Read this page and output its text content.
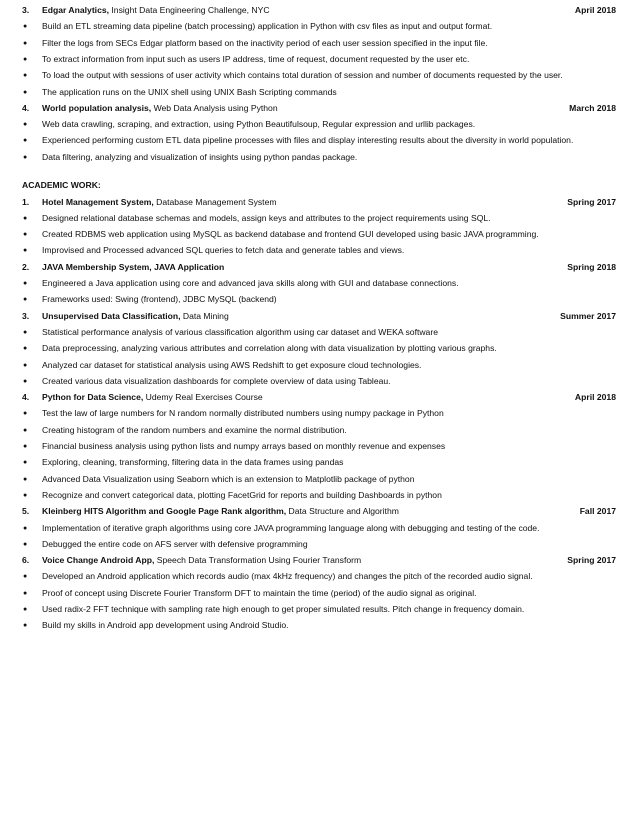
3. Edgar Analytics, Insight Data Engineering Challenge, NYC	April 2018
● Build an ETL streaming data pipeline (batch processing) application in Python with csv files as input and output format.
● Filter the logs from SECs Edgar platform based on the inactivity period of each user session specified in the input file.
● To extract information from input such as users IP address, time of request, document requested by the user etc.
● To load the output with sessions of user activity which contains total duration of session and number of documents requested by the user.
● The application runs on the UNIX shell using UNIX Bash Scripting commands
4. World population analysis, Web Data Analysis using Python	March 2018
● Web data crawling, scraping, and extraction, using Python Beautifulsoup, Regular expression and urllib packages.
● Experienced performing custom ETL data pipeline processes with files and display interesting results about the diversity in world population.
● Data filtering, analyzing and visualization of insights using python pandas package.
ACADEMIC WORK:
1. Hotel Management System, Database Management System	Spring 2017
● Designed relational database schemas and models, assign keys and attributes to the project requirements using SQL.
● Created RDBMS web application using MySQL as backend database and frontend GUI developed using basic JAVA programming.
● Improvised and Processed advanced SQL queries to fetch data and generate tables and views.
2. JAVA Membership System, JAVA Application	Spring 2018
● Engineered a Java application using core and advanced java skills along with GUI and database connections.
● Frameworks used: Swing (frontend), JDBC MySQL (backend)
3. Unsupervised Data Classification, Data Mining	Summer 2017
● Statistical performance analysis of various classification algorithm using car dataset and WEKA software
● Data preprocessing, analyzing various attributes and correlation along with data visualization by plotting various graphs.
● Analyzed car dataset for statistical analysis using AWS Redshift to get exposure cloud technologies.
● Created various data visualization dashboards for complete overview of data using Tableau.
4. Python for Data Science, Udemy Real Exercises Course	April 2018
● Test the law of large numbers for N random normally distributed numbers using numpy package in Python
● Creating histogram of the random numbers and examine the normal distribution.
● Financial business analysis using python lists and numpy arrays based on monthly revenue and expenses
● Exploring, cleaning, transforming, filtering data in the data frames using pandas
● Advanced Data Visualization using Seaborn which is an extension to Matplotlib package of python
● Recognize and convert categorical data, plotting FacetGrid for reports and building Dashboards in python
5. Kleinberg HITS Algorithm and Google Page Rank algorithm, Data Structure and Algorithm	Fall 2017
● Implementation of iterative graph algorithms using core JAVA programming language along with debugging and testing of the code.
● Debugged the entire code on AFS server with defensive programming
6. Voice Change Android App, Speech Data Transformation Using Fourier Transform	Spring 2017
● Developed an Android application which records audio (max 4kHz frequency) and changes the pitch of the recorded audio signal.
● Proof of concept using Discrete Fourier Transform DFT to maintain the time (period) of the audio signal as original.
● Used radix-2 FFT technique with sampling rate high enough to get proper simulated results. Pitch change in frequency domain.
● Build my skills in Android app development using Android Studio.
